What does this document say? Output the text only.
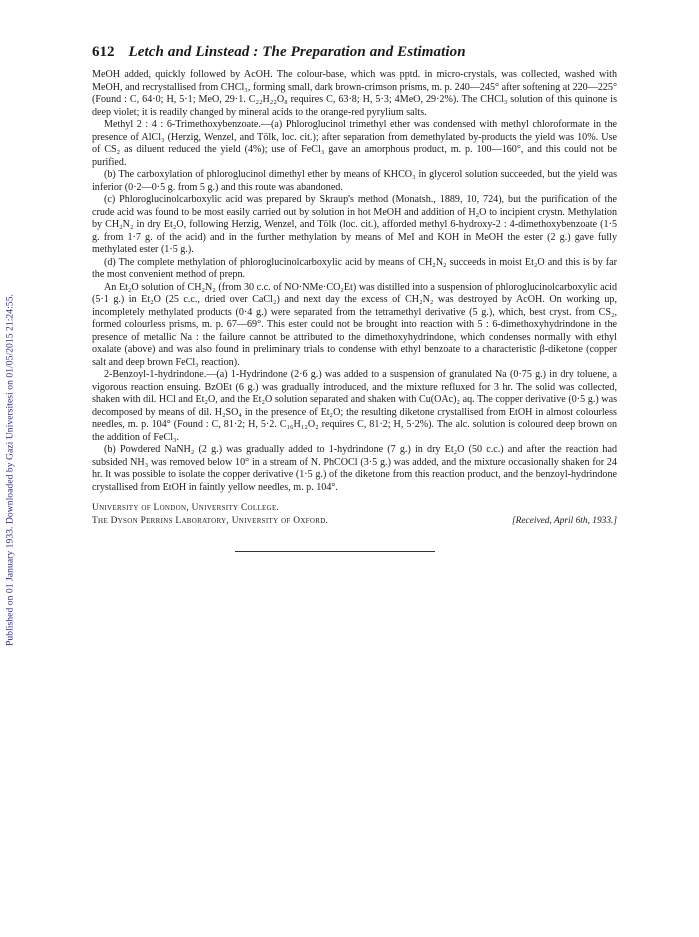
Published on 01 January 1933. Downloaded by Gazi Universitesi on 01/05/2015 21:24:55.
612 Letch and Linstead : The Preparation and Estimation

MeOH added, quickly followed by AcOH. The colour-base, which was pptd. in micro-crystals, was collected, washed with MeOH, and recrystallised from CHCl₃, forming small, dark brown-crimson prisms, m. p. 240—245° after softening at 220—225° (Found : C, 64·0; H, 5·1; MeO, 29·1. C₂₂H₂₂O₈ requires C, 63·8; H, 5·3; 4MeO, 29·2%). The CHCl₃ solution of this quinone is deep violet; it is readily changed by mineral acids to the orange-red pyrylium salts.

Methyl 2 : 4 : 6-Trimethoxybenzoate.—(a) Phloroglucinol trimethyl ether was condensed with methyl chloroformate in the presence of AlCl₃ (Herzig, Wenzel, and Tölk, loc. cit.); after separation from demethylated by-products the yield was 10%. Use of CS₂ as diluent reduced the yield (4%); use of FeCl₃ gave an amorphous product, m. p. 100—160°, and this could not be purified.

(b) The carboxylation of phloroglucinol dimethyl ether by means of KHCO₃ in glycerol solution succeeded, but the yield was inferior (0·2—0·5 g. from 5 g.) and this route was abandoned.

(c) Phloroglucinolcarboxylic acid was prepared by Skraup's method (Monatsh., 1889, 10, 724), but the purification of the crude acid was found to be most easily carried out by solution in hot MeOH and addition of H₂O to incipient crystn. Methylation by CH₂N₂ in dry Et₂O, following Herzig, Wenzel, and Tölk (loc. cit.), afforded methyl 6-hydroxy-2 : 4-dimethoxybenzoate (1·5 g. from 1·7 g. of the acid) and in the further methylation by means of MeI and KOH in MeOH the ester (2 g.) gave fully methylated ester (1·5 g.).

(d) The complete methylation of phloroglucinolcarboxylic acid by means of CH₂N₂ succeeds in moist Et₂O and this is by far the most convenient method of prepn.

An Et₂O solution of CH₂N₂ (from 30 c.c. of NO·NMe·CO₂Et) was distilled into a suspension of phloroglucinolcarboxylic acid (5·1 g.) in Et₂O (25 c.c., dried over CaCl₂) and next day the excess of CH₂N₂ was destroyed by AcOH. On working up, incompletely methylated products (0·4 g.) were separated from the tetramethyl derivative (5 g.), which, best cryst. from CS₂, formed colourless prisms, m. p. 67—69°. This ester could not be brought into reaction with 5 : 6-dimethoxyhydrindone in the presence of metallic Na : the failure cannot be attributed to the dimethoxyhydrindone, which condenses normally with ethyl oxalate (above) and was also found in preliminary trials to condense with ethyl benzoate to a characteristic β-diketone (copper salt and deep brown FeCl₃ reaction).

2-Benzoyl-1-hydrindone.—(a) 1-Hydrindone (2·6 g.) was added to a suspension of granulated Na (0·75 g.) in dry toluene, a vigorous reaction ensuing. BzOEt (6 g.) was gradually introduced, and the mixture refluxed for 3 hr. The solid was collected, shaken with dil. HCl and Et₂O, and the Et₂O solution separated and shaken with Cu(OAc)₂ aq. The copper derivative (0·5 g.) was decomposed by means of dil. H₂SO₄ in the presence of Et₂O; the resulting diketone crystallised from EtOH in almost colourless needles, m. p. 104° (Found : C, 81·2; H, 5·2. C₁₆H₁₂O₂ requires C, 81·2; H, 5·2%). The alc. solution is coloured deep brown on the addition of FeCl₃.

(b) Powdered NaNH₂ (2 g.) was gradually added to 1-hydrindone (7 g.) in dry Et₂O (50 c.c.) and after the reaction had subsided NH₃ was removed below 10° in a stream of N. PhCOCl (3·5 g.) was added, and the mixture occasionally shaken for 24 hr. It was possible to isolate the copper derivative (1·5 g.) of the diketone from this reaction product, and the benzoyl-hydrindone crystallised from EtOH in faintly yellow needles, m. p. 104°.

University of London, University College.
The Dyson Perrins Laboratory, University of Oxford.	[Received, April 6th, 1933.]
